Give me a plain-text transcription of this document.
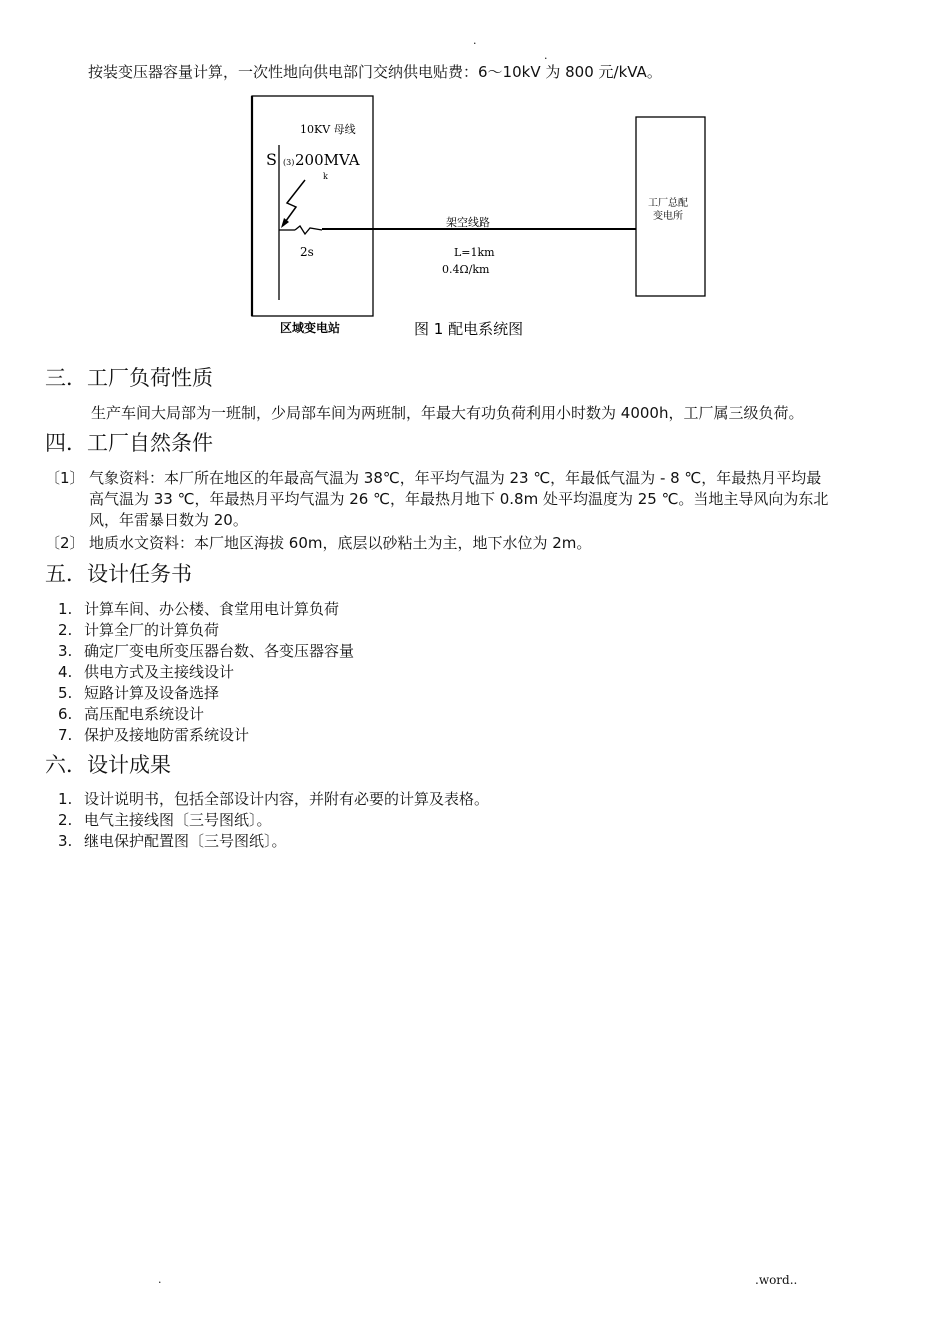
.
.
按装变压器容量计算，一次性地向供电部门交纳供电贴费：6～10kV 为 800 元/kVA。
10KV 母线
S (3) 200MVA
k
2s
架空线路
L=1km
0.4Ω/km
工厂总配
变电所
区域变电站	图 1 配电系统图
三．工厂负荷性质
生产车间大局部为一班制，少局部车间为两班制，年最大有功负荷利用小时数为 4000h，工厂属三级负荷。
四．工厂自然条件
〔1〕 气象资料：本厂所在地区的年最高气温为 38℃，年平均气温为 23 ℃，年最低气温为 - 8 ℃，年最热月平均最
高气温为 33 ℃，年最热月平均气温为 26 ℃，年最热月地下 0.8m 处平均温度为 25 ℃。当地主导风向为东北
风，年雷暴日数为 20。
〔2〕 地质水文资料：本厂地区海拔 60m，底层以砂粘土为主，地下水位为 2m。
五．设计任务书
1. 计算车间、办公楼、食堂用电计算负荷
2. 计算全厂的计算负荷
3. 确定厂变电所变压器台数、各变压器容量
4. 供电方式及主接线设计
5. 短路计算及设备选择
6. 高压配电系统设计
7. 保护及接地防雷系统设计
六．设计成果
1. 设计说明书，包括全部设计内容，并附有必要的计算及表格。
2. 电气主接线图〔三号图纸〕。
3. 继电保护配置图〔三号图纸〕。
.	.word..
